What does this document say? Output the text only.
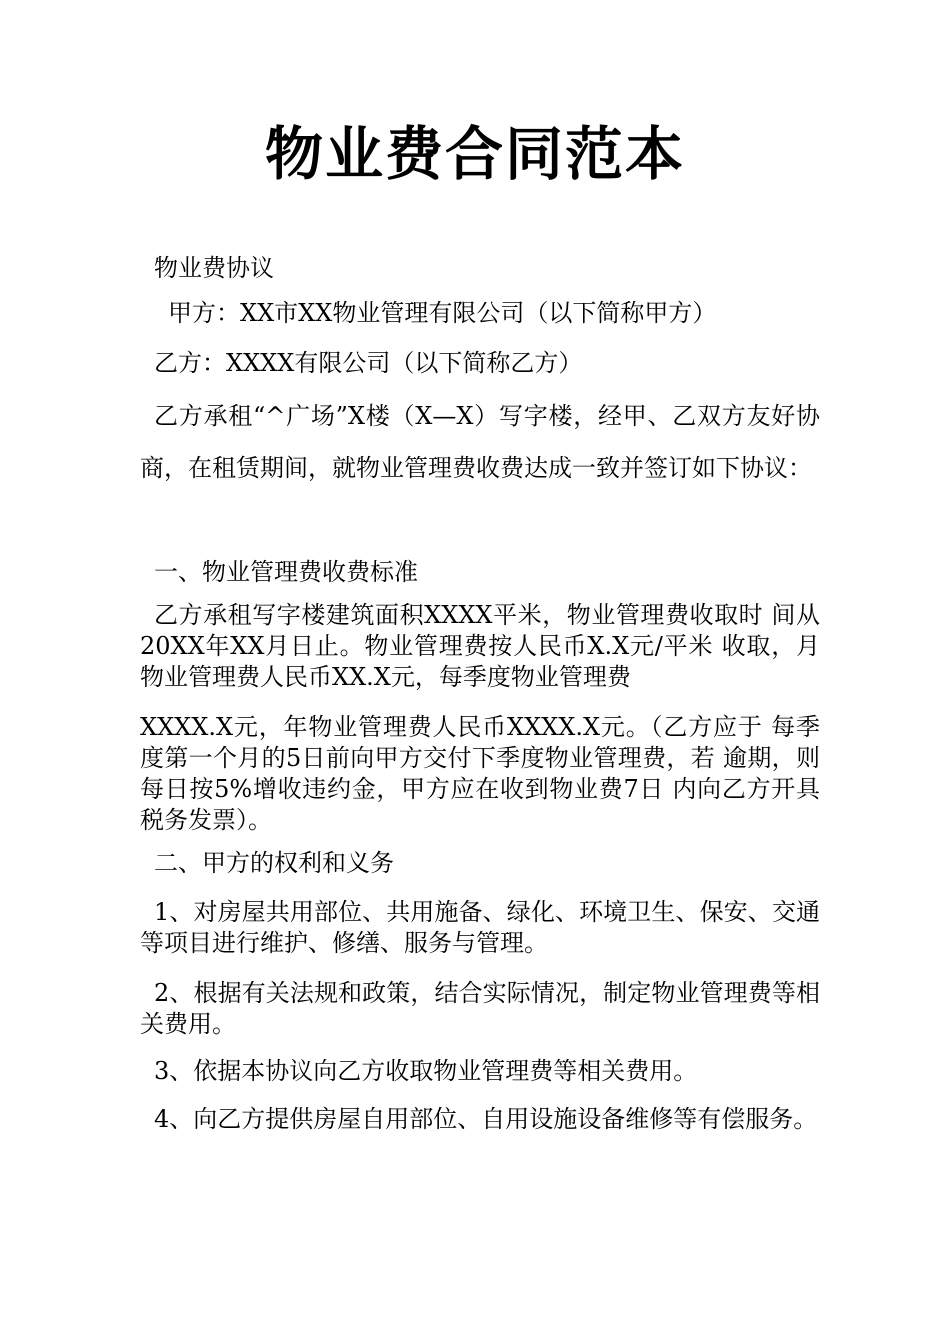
物业费合同范本

物业费协议

甲方：XX市XX物业管理有限公司（以下简称甲方）

乙方：XXXX有限公司（以下简称乙方）

乙方承租“^广场”X楼（X—X）写字楼，经甲、乙双方友好协商，在租赁期间，就物业管理费收费达成一致并签订如下协议：

一、物业管理费收费标准

乙方承租写字楼建筑面积XXXX平米，物业管理费收取时 间从20XX年XX月日止。物业管理费按人民币X.X元/平米 收取，月物业管理费人民币XX.X元，每季度物业管理费

XXXX.X元，年物业管理费人民币XXXX.X元。（乙方应于 每季度第一个月的5日前向甲方交付下季度物业管理费，若 逾期，则每日按5%增收违约金，甲方应在收到物业费7日 内向乙方开具税务发票）。

二、甲方的权利和义务

1、对房屋共用部位、共用施备、绿化、环境卫生、保安、交通等项目进行维护、修缮、服务与管理。

2、根据有关法规和政策，结合实际情况，制定物业管理费等相关费用。

3、依据本协议向乙方收取物业管理费等相关费用。

4、向乙方提供房屋自用部位、自用设施设备维修等有偿服务。
